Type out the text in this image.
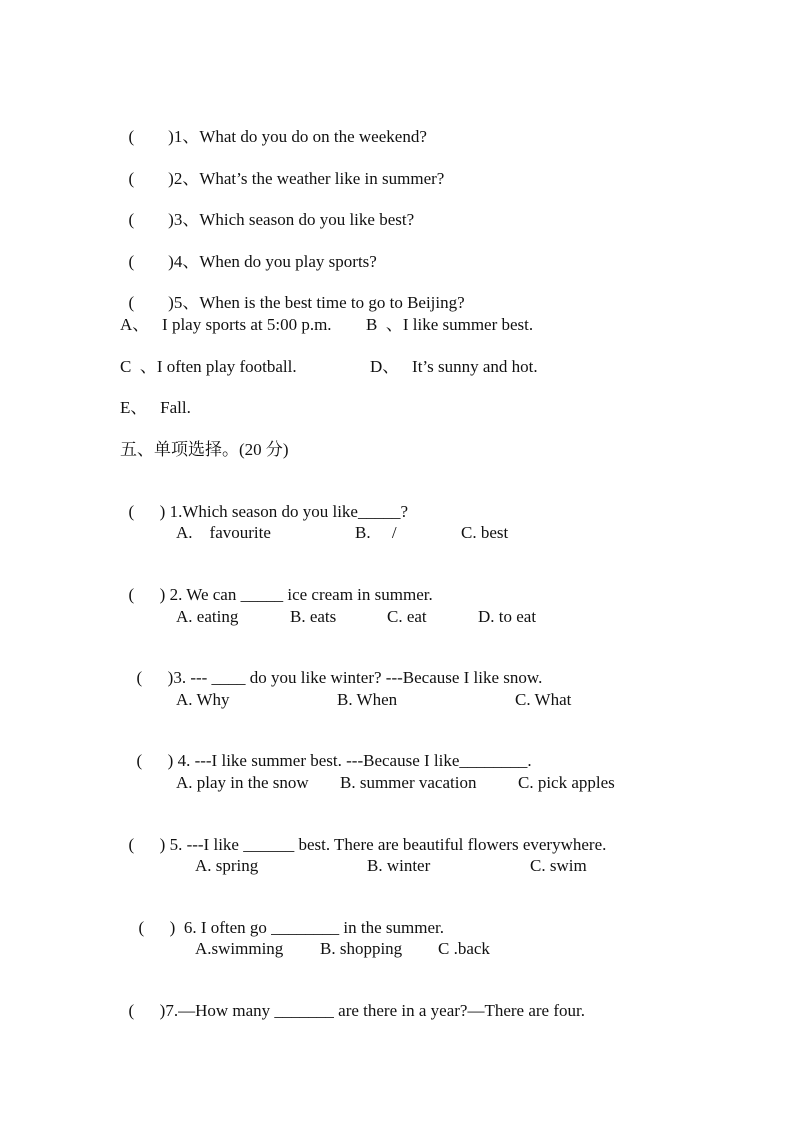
(        )1、What do you do on the weekend?

(        )2、What’s the weather like in summer?

(        )3、Which season do you like best?

(        )4、When do you play sports?

(        )5、When is the best time to go to Beijing?

A、   I play sports at 5:00 p.m. B  、I like summer best.
C  、I often play football.	D、   It’s sunny and hot.
E、   Fall.
五、单项选择。(20 分)

(      ) 1.Which season do you like_____?

A.    favourite	B.     /	C. best

(      ) 2. We can _____ ice cream in summer.

A. eating	B. eats	C. eat	D. to eat

(      )3. --- ____ do you like winter? ---Because I like snow.

A. Why	B. When	C. What

(      ) 4. ---I like summer best. ---Because I like________.

A. play in the snow B. summer vacation C. pick apples

(      ) 5. ---I like ______ best. There are beautiful flowers everywhere.

A. spring	B. winter	C. swim

(      )  6. I often go ________ in the summer.

A.swimming B. shopping C .back

(      )7.—How many _______ are there in a year?—There are four.
